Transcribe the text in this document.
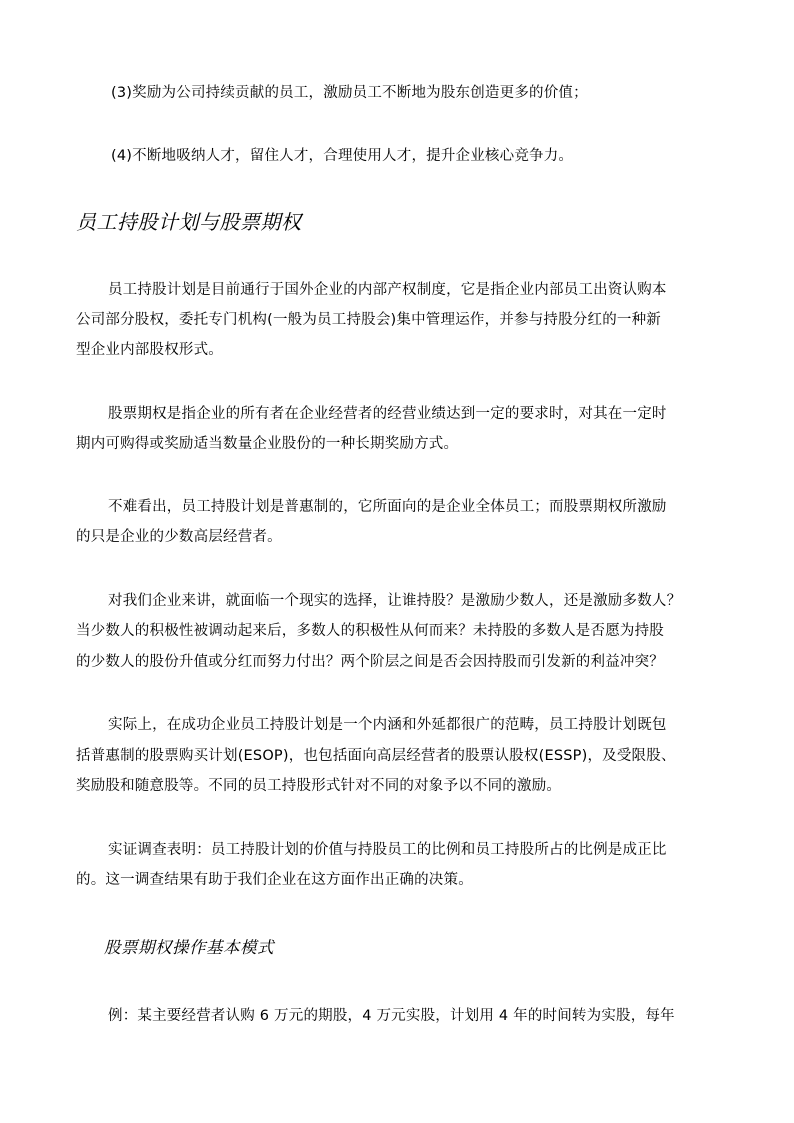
(3)奖励为公司持续贡献的员工，激励员工不断地为股东创造更多的价值；
(4)不断地吸纳人才，留住人才，合理使用人才，提升企业核心竞争力。
员工持股计划与股票期权
员工持股计划是目前通行于国外企业的内部产权制度，它是指企业内部员工出资认购本
公司部分股权，委托专门机构(一般为员工持股会)集中管理运作，并参与持股分红的一种新
型企业内部股权形式。
股票期权是指企业的所有者在企业经营者的经营业绩达到一定的要求时，对其在一定时
期内可购得或奖励适当数量企业股份的一种长期奖励方式。
不难看出，员工持股计划是普惠制的，它所面向的是企业全体员工；而股票期权所激励
的只是企业的少数高层经营者。
对我们企业来讲，就面临一个现实的选择，让谁持股？是激励少数人，还是激励多数人？
当少数人的积极性被调动起来后，多数人的积极性从何而来？未持股的多数人是否愿为持股
的少数人的股份升值或分红而努力付出？两个阶层之间是否会因持股而引发新的利益冲突？
实际上，在成功企业员工持股计划是一个内涵和外延都很广的范畴，员工持股计划既包
括普惠制的股票购买计划(ESOP)，也包括面向高层经营者的股票认股权(ESSP)，及受限股、
奖励股和随意股等。不同的员工持股形式针对不同的对象予以不同的激励。
实证调查表明：员工持股计划的价值与持股员工的比例和员工持股所占的比例是成正比
的。这一调查结果有助于我们企业在这方面作出正确的决策。
股票期权操作基本模式
例：某主要经营者认购 6 万元的期股，4 万元实股，计划用 4 年的时间转为实股，每年
